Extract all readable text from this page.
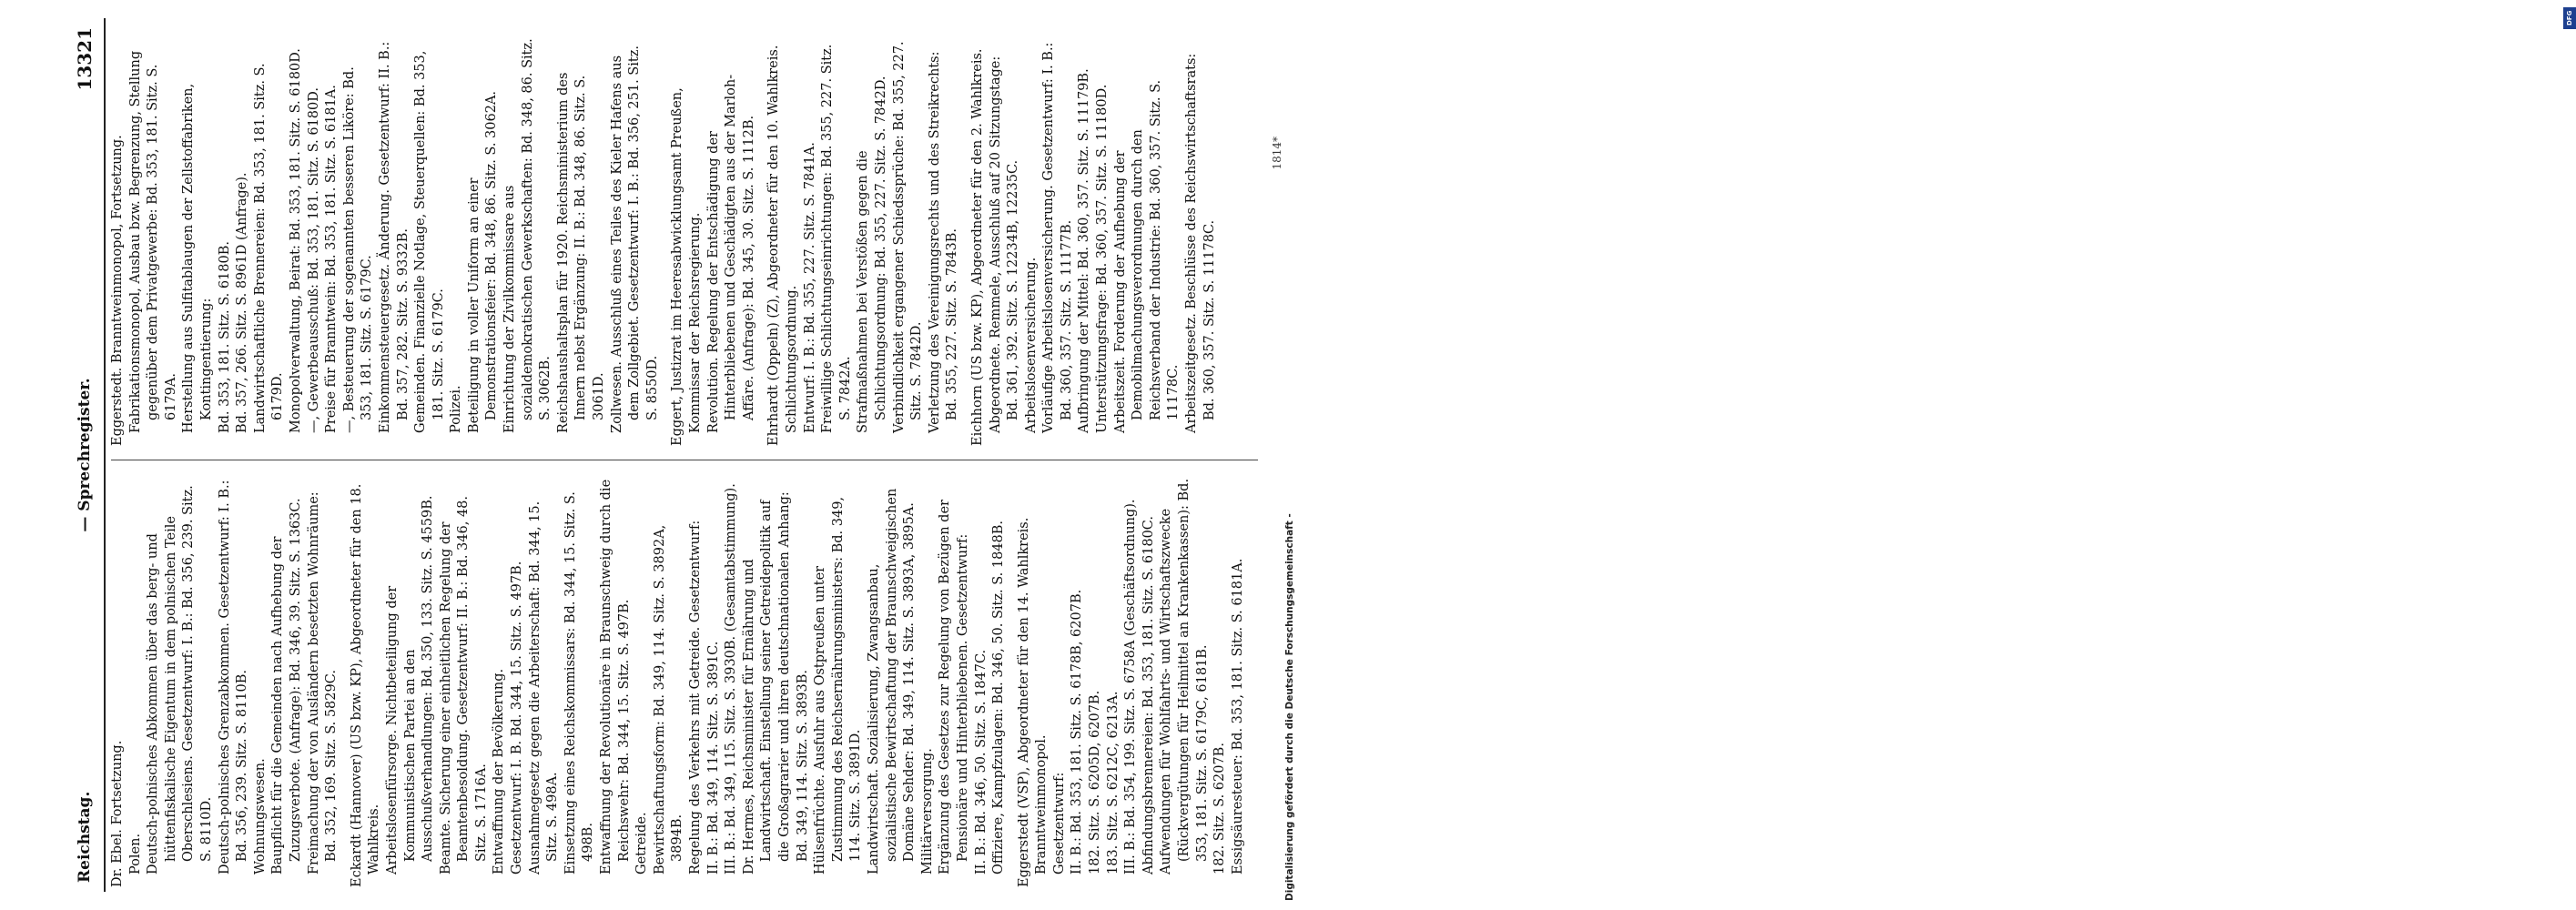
Reichstag.
— Sprechregister.
13321
Dr. Ebel. Fortsetzung.
Polen. Deutsch-polnisches Abkommen über das berg- und hüttenfiskalische Eigentum in dem polnischen Teile Oberschlesiens. Gesetzentwurf: I. B.: Bd. 356, 239. Sitz. S. 8110D. Deutsch-polnisches Grenzabkommen. Gesetzentwurf: I. B.: Bd. 356, 239. Sitz. S. 8110B. Wohnungswesen. Baupflicht für die Gemeinden nach Aufhebung der Zuzugsverbote. (Anfrage): Bd. 346, 39. Sitz. S. 1363C. Freimachung der von Ausländern besetzten Wohnräume: Bd. 352, 169. Sitz. S. 5829C. Eckardt (Hannover) (US bzw. KP), Abgeordneter für den 18. Wahlkreis. Arbeitslosenfürsorge. Nichtbeteiligung der Kommunistischen Partei an den Ausschußverhandlungen: Bd. 350, 133. Sitz. S. 4559B. Beamte. Sicherung einer einheitlichen Regelung der Beamtenbesoldung. Gesetzentwurf: II. B.: Bd. 346, 48. Sitz. S. 1716A. Entwaffnung der Bevölkerung. Gesetzentwurf: I. B. Bd. 344, 15. Sitz. S. 497B. Ausnahmegesetz gegen die Arbeiterschaft: Bd. 344, 15. Sitz. S. 498A. Einsetzung eines Reichskommissars: Bd. 344, 15. Sitz. S. 498B. Entwaffnung der Revolutionäre in Braunschweig durch die Reichswehr: Bd. 344, 15. Sitz. S. 497B. Getreide. Bewirtschaftungsform: Bd. 349, 114. Sitz. S. 3892A, 3894B. Regelung des Verkehrs mit Getreide. Gesetzentwurf: II. B.: Bd. 349, 114. Sitz. S. 3891C. III. B.: Bd. 349, 115. Sitz. S. 3930B. (Gesamtabstimmung). Dr. Hermes, Reichsminister für Ernährung und Landwirtschaft. Einstellung seiner Getreidepolitik auf die Großagrarier und ihren deutschnationalen Anhang: Bd. 349, 114. Sitz. S. 3893B. Hülsenfrüchte. Ausfuhr aus Ostpreußen unter Zustimmung des Reichsernährungsministers: Bd. 349, 114. Sitz. S. 3891D. Landwirtschaft. Sozialisierung, Zwangsanbau, sozialistische Bewirtschaftung der Braunschweigischen Domäne Sehder: Bd. 349, 114. Sitz. S. 3893A, 3895A. Militärversorgung. Ergänzung des Gesetzes zur Regelung von Bezügen der Pensionäre und Hinterbliebenen. Gesetzentwurf: II. B.: Bd. 346, 50. Sitz. S. 1847C. Offiziere, Kampfzulagen: Bd. 346, 50. Sitz. S. 1848B. Eggerstedt (VSP), Abgeordneter für den 14. Wahlkreis. Branntweinmonopol. Gesetzentwurf: II. B.: Bd. 353, 181. Sitz. S. 6178B, 6207B. 182. Sitz. S. 6205D, 6207B. 183. Sitz. S. 6212C, 6213A. III. B.: Bd. 354, 199. Sitz. S. 6758A (Geschäftsordnung). Abfindungsbrennereien: Bd. 353, 181. Sitz. S. 6180C. Aufwendungen für Wohlfahrts- und Wirtschaftszwecke (Rückvergütungen für Heilmittel an Krankenkassen): Bd. 353, 181. Sitz. S. 6179C, 6181B. 182. Sitz. S. 6207B. Essigsäuresteuer: Bd. 353, 181. Sitz. S. 6181A.
Eggerstedt. Branntweinmonopol, Fortsetzung. Fabrikationsmonopol, Ausbau bzw. Begrenzung, Stellung gegenüber dem Privatgewerbe: Bd. 353, 181. Sitz. S. 6179A. Herstellung aus Sulfitablaugen der Zellstoffabriken, Kontingentierung: Bd. 353, 181. Sitz. S. 6180B. Bd. 357, 266. Sitz. S. 8961D (Anfrage). Landwirtschaftliche Brennereien: Bd. 353, 181. Sitz. S. 6179D. Monopolverwaltung, Beirat: Bd. 353, 181. Sitz. S. 6180D. —, Gewerbeausschuß: Bd. 353, 181. Sitz. S. 6180D. Preise für Branntwein: Bd. 353, 181. Sitz. S. 6181A. —, Besteuerung der sogenannten besseren Liköre: Bd. 353, 181. Sitz. S. 6179C. Einkommensteuergesetz. Änderung. Gesetzentwurf: II. B.: Bd. 357, 282. Sitz. S. 9332B. Gemeinden. Finanzielle Notlage, Steuerquellen: Bd. 353, 181. Sitz. S. 6179C. Polizei. Beteiligung in voller Uniform an einer Demonstrationsfeier: Bd. 348, 86. Sitz. S. 3062A. Einrichtung der Zivilkommissare aus sozialdemokratischen Gewerkschaften: Bd. 348, 86. Sitz. S. 3062B. Reichshaushaltsplan für 1920. Reichsministerium des Innern nebst Ergänzung: II. B.: Bd. 348, 86. Sitz. S. 3061D. Zollwesen. Ausschluß eines Teiles des Kieler Hafens aus dem Zollgebiet. Gesetzentwurf: I. B.: Bd. 356, 251. Sitz. S. 8550D.
Eggert, Justizrat im Heeresabwicklungsamt Preußen, Kommissar der Reichsregierung. Revolution. Regelung der Entschädigung der Hinterbliebenen und Geschädigten aus der Marloh-Affäre. (Anfrage): Bd. 345, 30. Sitz. S. 1112B. Ehrhardt (Oppeln) (Z), Abgeordneter für den 10. Wahlkreis. Schlichtungsordnung. Entwurf: I. B.: Bd. 355, 227. Sitz. S. 7841A. Freiwillige Schlichtungseinrichtungen: Bd. 355, 227. Sitz. S. 7842A. Strafmaßnahmen bei Verstößen gegen die Schlichtungsordnung: Bd. 355, 227. Sitz. S. 7842D. Verbindlichkeit ergangener Schiedssprüche: Bd. 355, 227. Sitz. S. 7842D. Verletzung des Vereinigungsrechts und des Streikrechts: Bd. 355, 227. Sitz. S. 7843B. Eichhorn (US bzw. KP), Abgeordneter für den 2. Wahlkreis. Abgeordnete. Remmele, Ausschluß auf 20 Sitzungstage: Bd. 361, 392. Sitz. S. 12234B, 12235C. Arbeitslosenversicherung. Vorläufige Arbeitslosenversicherung. Gesetzentwurf: I. B.: Bd. 360, 357. Sitz. S. 11177B. Aufbringung der Mittel: Bd. 360, 357. Sitz. S. 11179B. Unterstützungsfrage: Bd. 360, 357. Sitz. S. 11180D. Arbeitszeit. Forderung der Aufhebung der Demobilmachungsverordnungen durch den Reichsverband der Industrie: Bd. 360, 357. Sitz. S. 11178C. Arbeitszeitgesetz. Beschlüsse des Reichswirtschaftsrats: Bd. 360, 357. Sitz. S. 11178C.
1814*
Digitalisierung gefördert durch die Deutsche Forschungsgemeinschaft -
DFG
